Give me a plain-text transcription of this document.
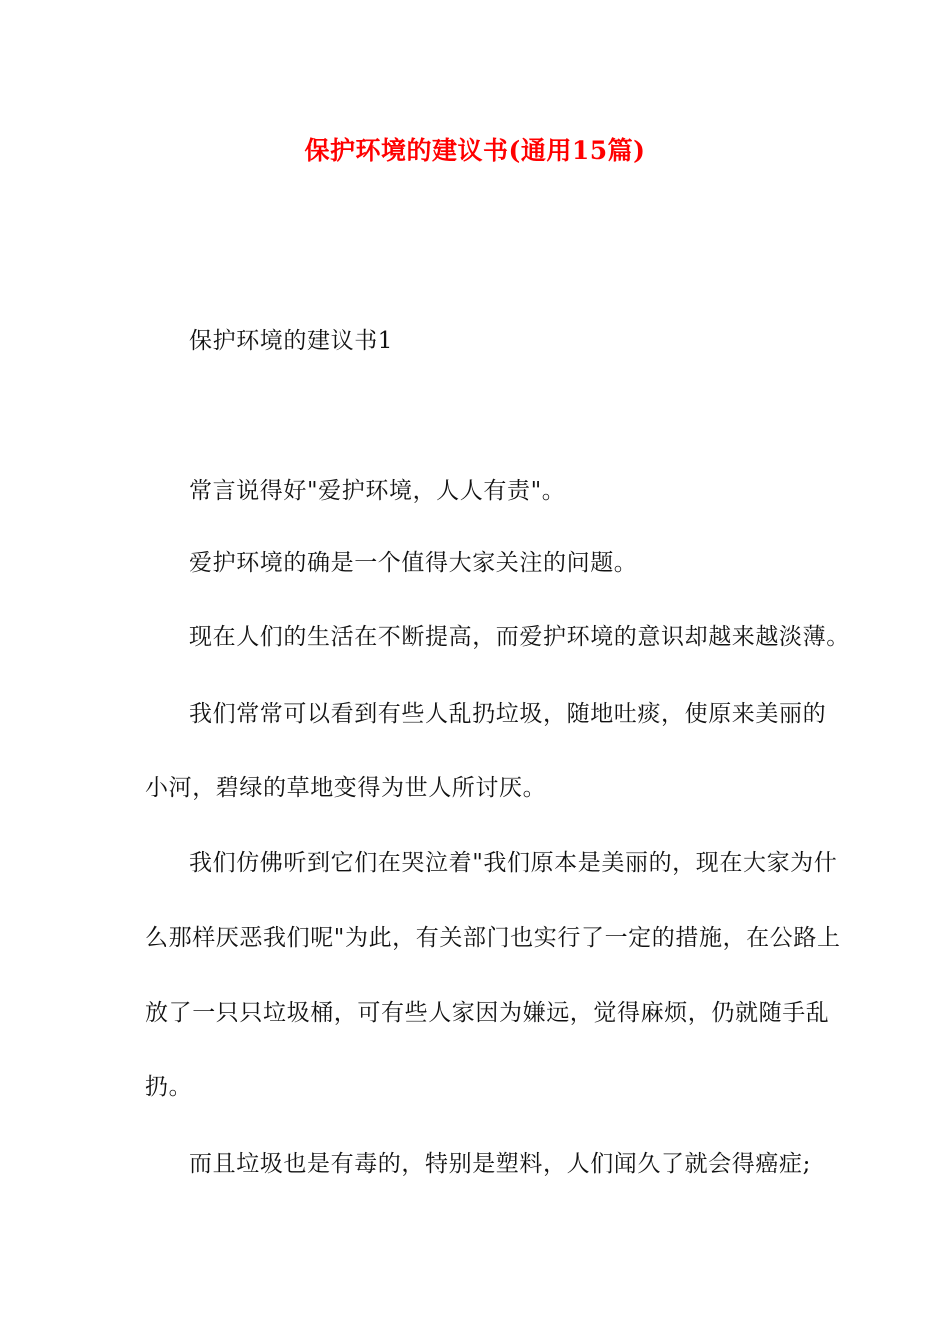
保护环境的建议书(通用15篇)

保护环境的建议书1

常言说得好"爱护环境，人人有责"。

爱护环境的确是一个值得大家关注的问题。

现在人们的生活在不断提高，而爱护环境的意识却越来越淡薄。

我们常常可以看到有些人乱扔垃圾，随地吐痰，使原来美丽的

小河，碧绿的草地变得为世人所讨厌。

我们仿佛听到它们在哭泣着"我们原本是美丽的，现在大家为什

么那样厌恶我们呢"为此，有关部门也实行了一定的措施，在公路上

放了一只只垃圾桶，可有些人家因为嫌远，觉得麻烦，仍就随手乱

扔。

而且垃圾也是有毒的，特别是塑料，人们闻久了就会得癌症;
